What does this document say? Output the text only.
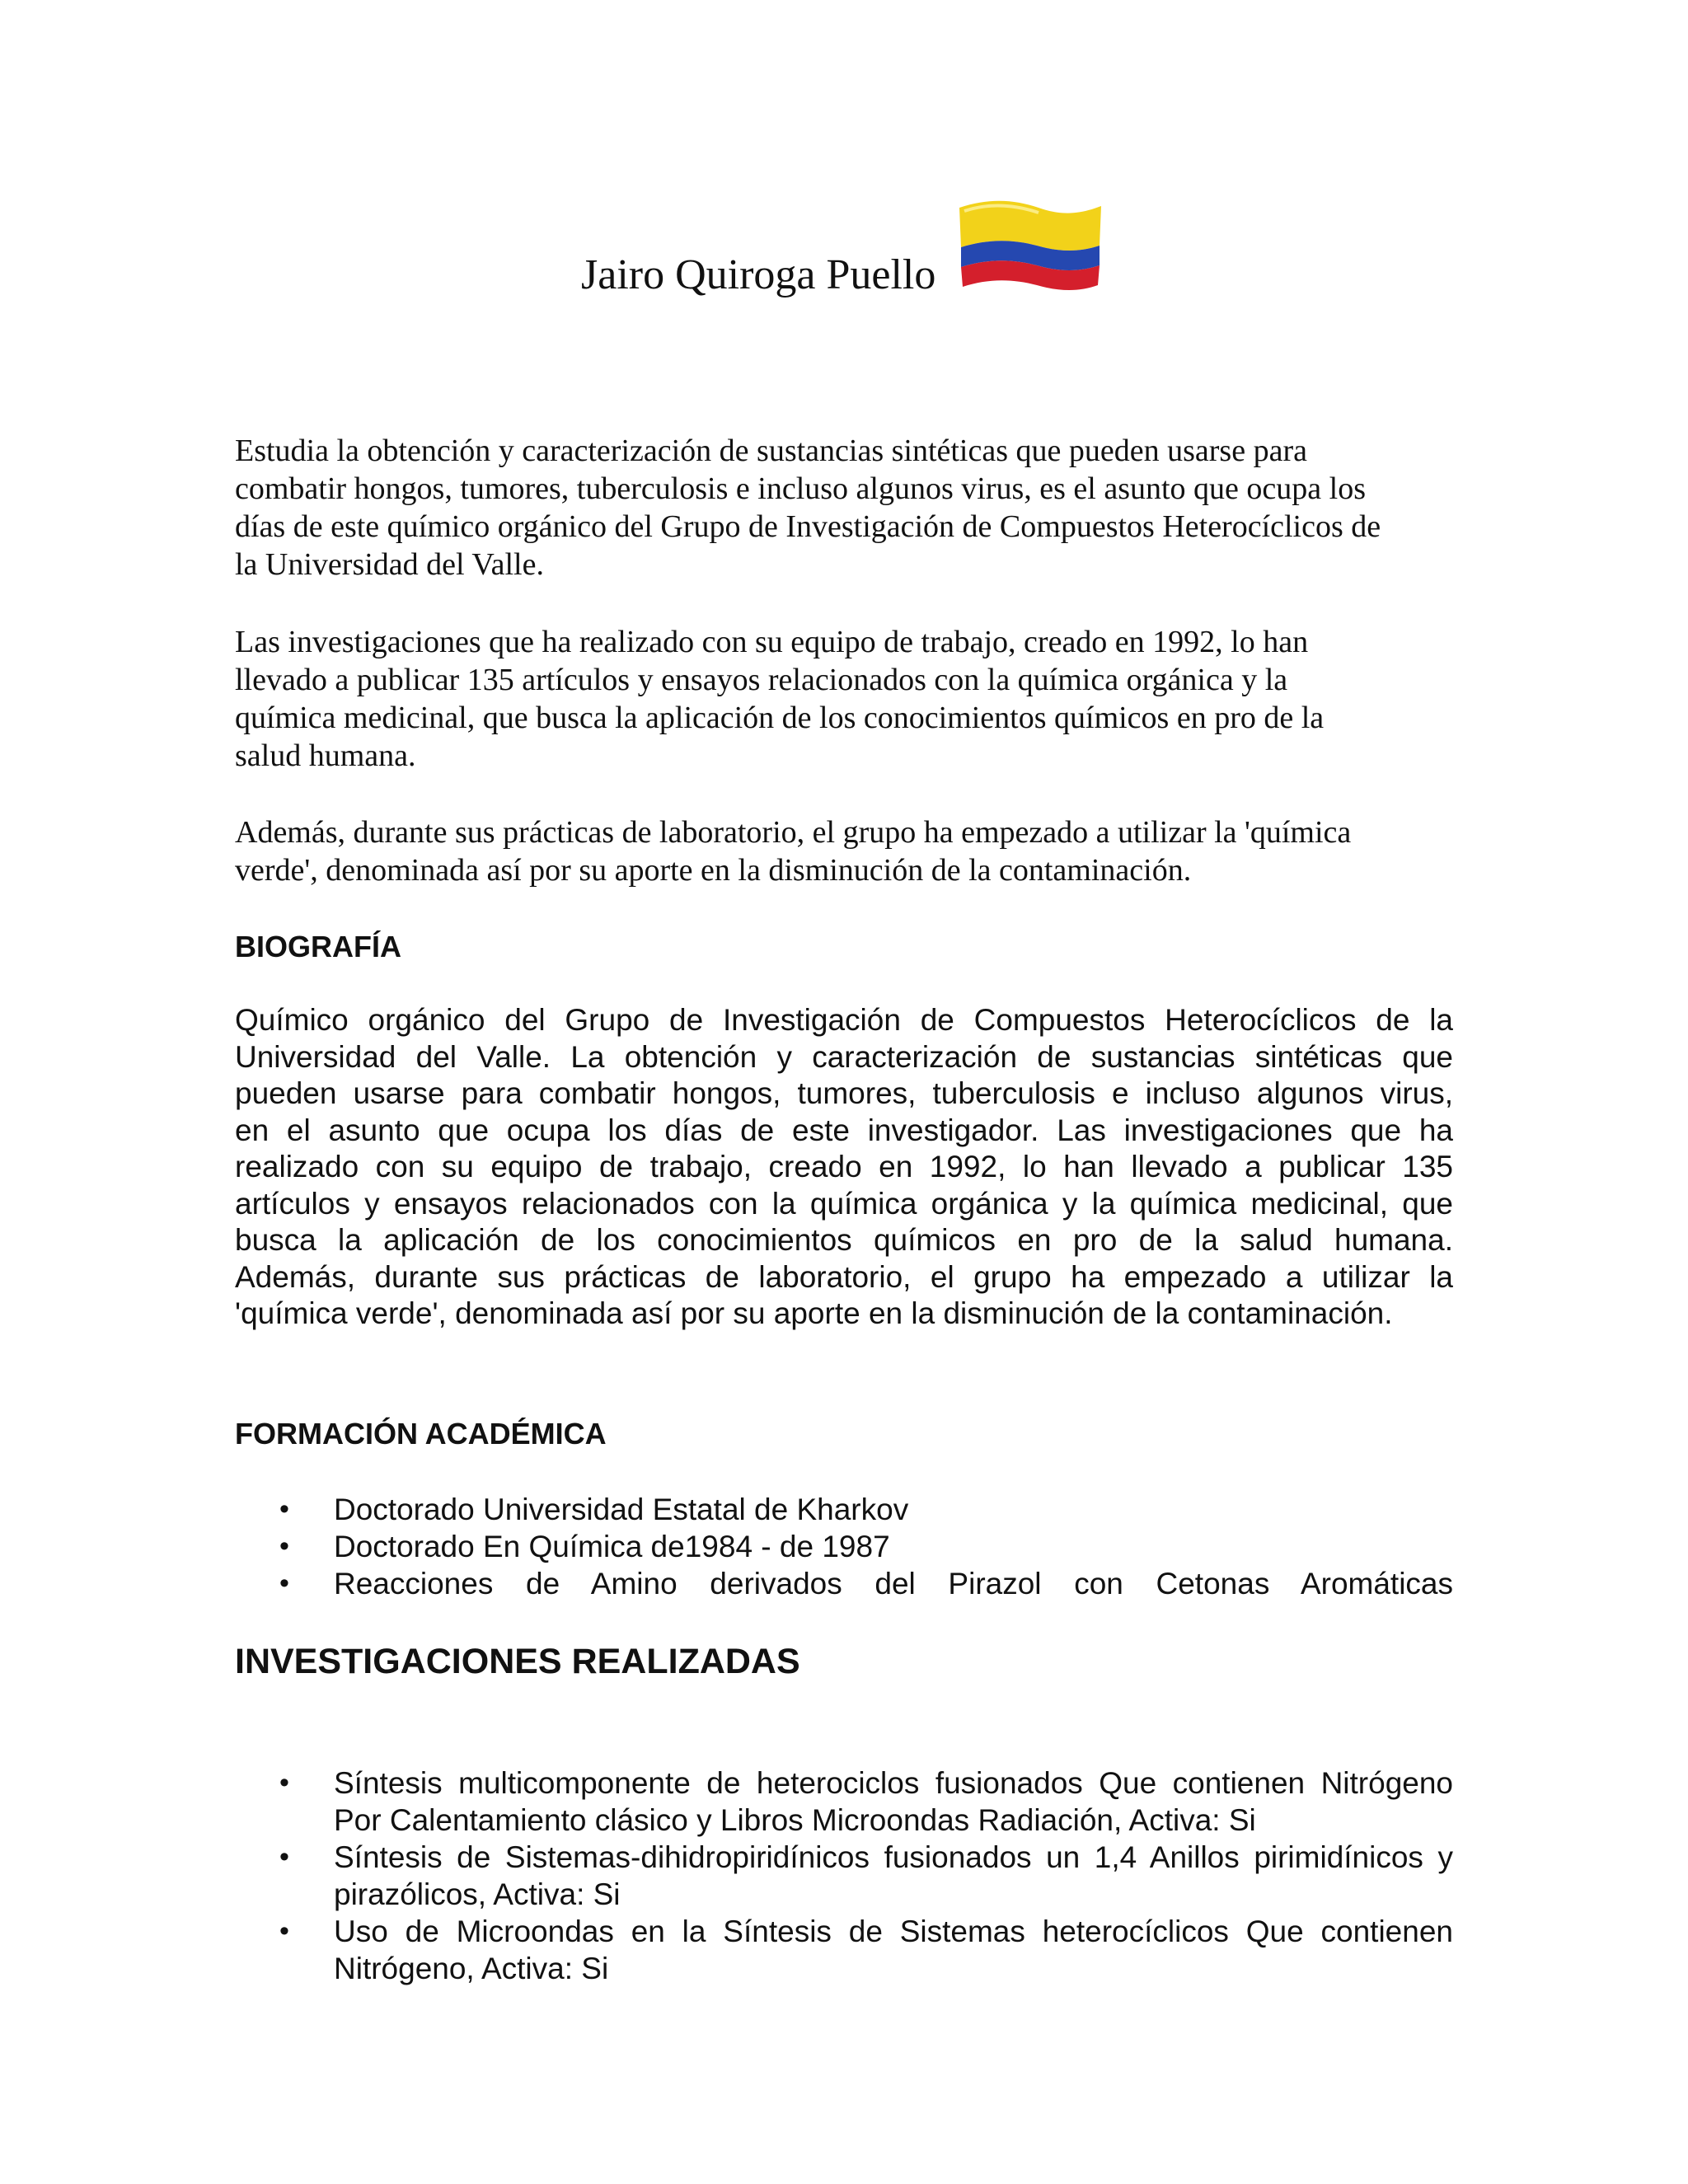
Jairo Quiroga Puello
Estudia la obtención y caracterización de sustancias sintéticas que pueden usarse para
combatir hongos, tumores, tuberculosis e incluso algunos virus, es el asunto que ocupa los
días de este químico orgánico del Grupo de Investigación de Compuestos Heterocíclicos de
la Universidad del Valle.
Las investigaciones que ha realizado con su equipo de trabajo, creado en 1992, lo han
llevado a publicar 135 artículos y ensayos relacionados con la química orgánica y la
química medicinal, que busca la aplicación de los conocimientos químicos en pro de la
salud humana.
Además, durante sus prácticas de laboratorio, el grupo ha empezado a utilizar la 'química
verde', denominada así por su aporte en la disminución de la contaminación.
BIOGRAFÍA
Químico orgánico del Grupo de Investigación de Compuestos Heterocíclicos de la
Universidad del Valle. La obtención y caracterización de sustancias sintéticas que
pueden usarse para combatir hongos, tumores, tuberculosis e incluso algunos virus,
en el asunto que ocupa los días de este investigador. Las investigaciones que ha
realizado con su equipo de trabajo, creado en 1992, lo han llevado a publicar 135
artículos y ensayos relacionados con la química orgánica y la química medicinal, que
busca la aplicación de los conocimientos químicos en pro de la salud humana.
Además, durante sus prácticas de laboratorio, el grupo ha empezado a utilizar la
'química verde', denominada así por su aporte en la disminución de la contaminación.
FORMACIÓN ACADÉMICA
• Doctorado Universidad Estatal de Kharkov
• Doctorado En Química de1984 - de 1987
• Reacciones de Amino derivados del Pirazol con Cetonas Aromáticas
INVESTIGACIONES REALIZADAS
• Síntesis multicomponente de heterociclos fusionados Que contienen Nitrógeno
Por Calentamiento clásico y Libros Microondas Radiación, Activa: Si
• Síntesis de Sistemas-dihidropiridínicos fusionados un 1,4 Anillos pirimidínicos y
pirazólicos, Activa: Si
• Uso de Microondas en la Síntesis de Sistemas heterocíclicos Que contienen
Nitrógeno, Activa: Si
